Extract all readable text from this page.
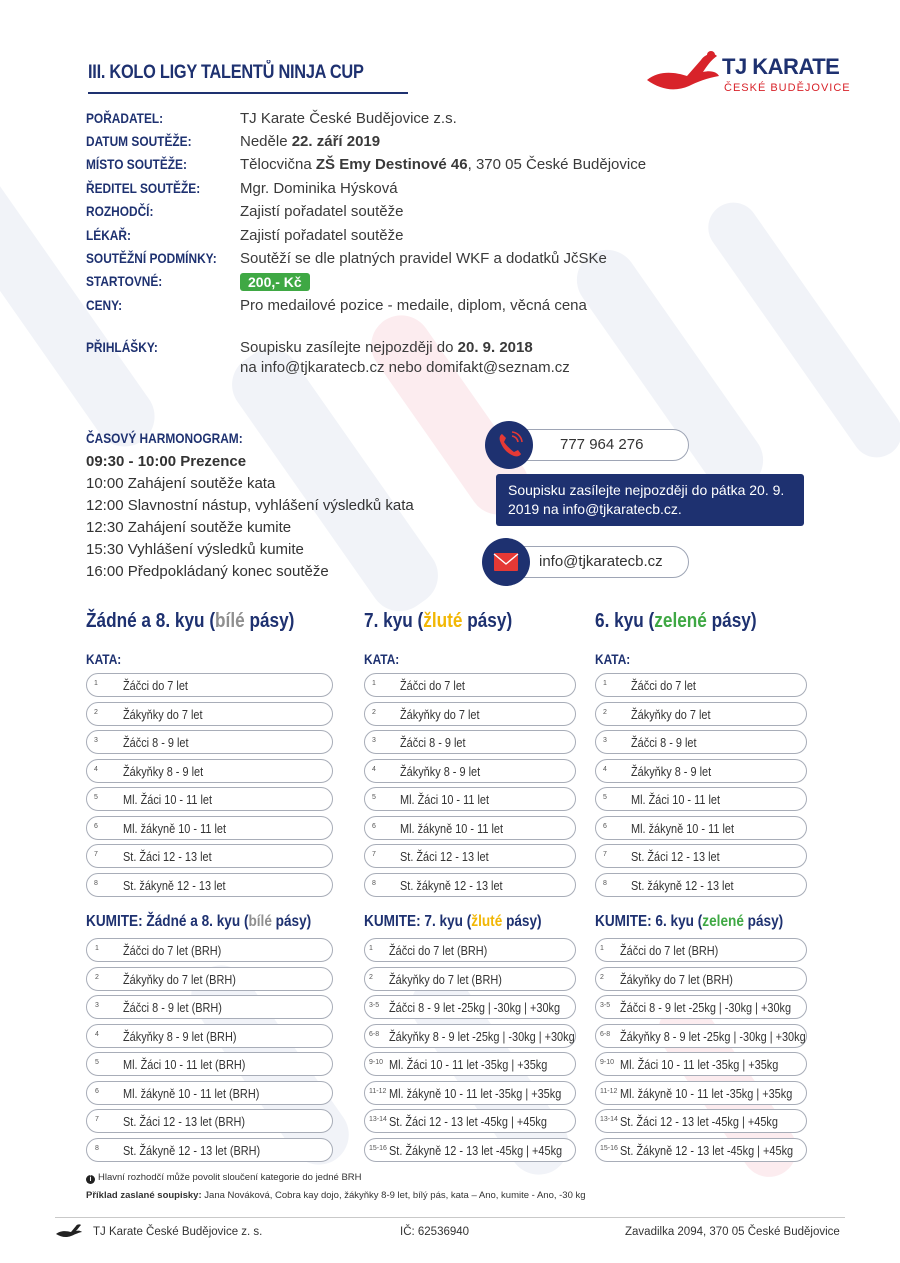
III. KOLO LIGY TALENTŮ NINJA CUP	TJ KARATE
ČESKÉ BUDĚJOVICE
POŘADATEL:	TJ Karate České Budějovice z.s.
DATUM SOUTĚŽE:	Neděle 22. září 2019
MÍSTO SOUTĚŽE:	Tělocvična ZŠ Emy Destinové 46, 370 05 České Budějovice
ŘEDITEL SOUTĚŽE:	Mgr. Dominika Hýsková
ROZHODČÍ:	Zajistí pořadatel soutěže
LÉKAŘ:	Zajistí pořadatel soutěže
SOUTĚŽNÍ PODMÍNKY: Soutěží se dle platných pravidel WKF a dodatků JčSKe
STARTOVNÉ:	200,- Kč
CENY:	Pro medailové pozice - medaile, diplom, věcná cena
PŘIHLÁŠKY:	Soupisku zasílejte nejpozději do 20. 9. 2018
na info@tjkaratecb.cz nebo domifakt@seznam.cz
ČASOVÝ HARMONOGRAM:
09:30 - 10:00 Prezence
10:00 Zahájení soutěže kata
12:00 Slavnostní nástup, vyhlášení výsledků kata
12:30 Zahájení soutěže kumite
15:30 Vyhlášení výsledků kumite
16:00 Předpokládaný konec soutěže
777 964 276
Soupisku zasílejte nejpozději do pátka 20. 9. 2019 na info@tjkaratecb.cz.
info@tjkaratecb.cz
Žádné a 8. kyu (bílé pásy)
KATA:
1 Žáčci do 7 let
2 Žákyňky do 7 let
3 Žáčci 8 - 9 let
4 Žákyňky 8 - 9 let
5 Ml. Žáci 10 - 11 let
6 Ml. žákyně 10 - 11 let
7 St. Žáci 12 - 13 let
8 St. žákyně 12 - 13 let
KUMITE: Žádné a 8. kyu (bílé pásy)
1 Žáčci do 7 let (BRH)
2 Žákyňky do 7 let (BRH)
3 Žáčci 8 - 9 let (BRH)
4 Žákyňky 8 - 9 let (BRH)
5 Ml. Žáci 10 - 11 let (BRH)
6 Ml. žákyně 10 - 11 let (BRH)
7 St. Žáci 12 - 13 let (BRH)
8 St. Žákyně 12 - 13 let (BRH)
7. kyu (žluté pásy)
KATA:
1 Žáčci do 7 let
2 Žákyňky do 7 let
3 Žáčci 8 - 9 let
4 Žákyňky 8 - 9 let
5 Ml. Žáci 10 - 11 let
6 Ml. žákyně 10 - 11 let
7 St. Žáci 12 - 13 let
8 St. žákyně 12 - 13 let
KUMITE: 7. kyu (žluté pásy)
1 Žáčci do 7 let (BRH)
2 Žákyňky do 7 let (BRH)
3-5 Žáčci 8 - 9 let -25kg | -30kg | +30kg
6-8 Žákyňky 8 - 9 let -25kg | -30kg | +30kg
9-10 Ml. Žáci 10 - 11 let -35kg | +35kg
11-12 Ml. žákyně 10 - 11 let -35kg | +35kg
13-14 St. Žáci 12 - 13 let -45kg | +45kg
15-16 St. Žákyně 12 - 13 let -45kg | +45kg
6. kyu (zelené pásy)
KATA:
1 Žáčci do 7 let
2 Žákyňky do 7 let
3 Žáčci 8 - 9 let
4 Žákyňky 8 - 9 let
5 Ml. Žáci 10 - 11 let
6 Ml. žákyně 10 - 11 let
7 St. Žáci 12 - 13 let
8 St. žákyně 12 - 13 let
KUMITE: 6. kyu (zelené pásy)
1 Žáčci do 7 let (BRH)
2 Žákyňky do 7 let (BRH)
3-5 Žáčci 8 - 9 let -25kg | -30kg | +30kg
6-8 Žákyňky 8 - 9 let -25kg | -30kg | +30kg
9-10 Ml. Žáci 10 - 11 let -35kg | +35kg
11-12 Ml. žákyně 10 - 11 let -35kg | +35kg
13-14 St. Žáci 12 - 13 let -45kg | +45kg
15-16 St. Žákyně 12 - 13 let -45kg | +45kg
i Hlavní rozhodčí může povolit sloučení kategorie do jedné BRH
Příklad zaslané soupisky: Jana Nováková, Cobra kay dojo, žákyňky 8-9 let, bílý pás, kata – Ano, kumite - Ano, -30 kg
TJ Karate České Budějovice z. s.	IČ: 62536940	Zavadilka 2094, 370 05 České Budějovice
